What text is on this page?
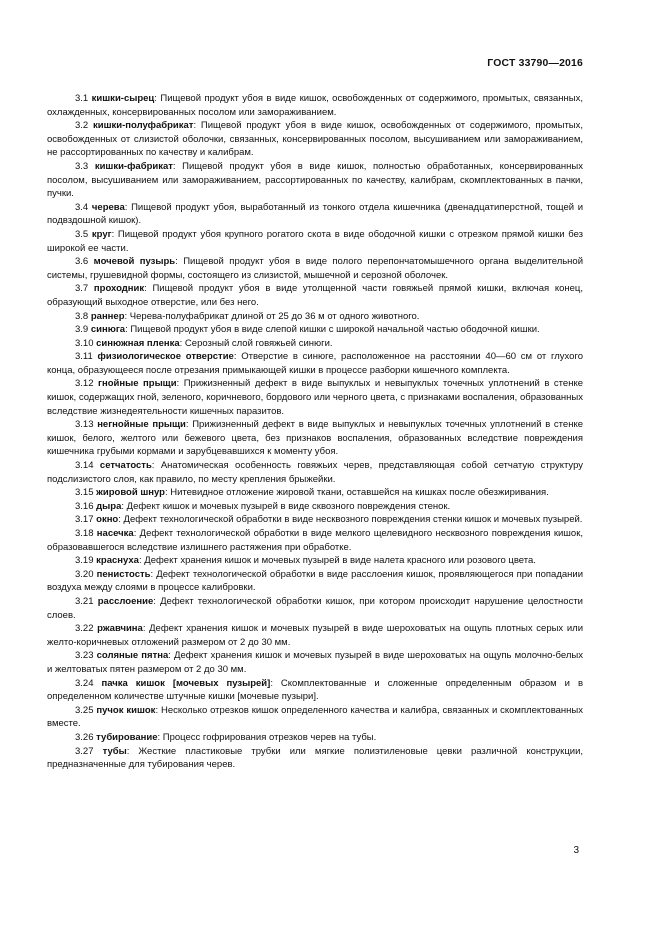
ГОСТ 33790—2016

3.1 кишки-сырец: Пищевой продукт убоя в виде кишок, освобожденных от содержимого, промытых, связанных, охлажденных, консервированных посолом или замораживанием.

3.2 кишки-полуфабрикат: Пищевой продукт убоя в виде кишок, освобожденных от содержимого, промытых, освобожденных от слизистой оболочки, связанных, консервированных посолом, высушиванием или замораживанием, не рассортированных по качеству и калибрам.

3.3 кишки-фабрикат: Пищевой продукт убоя в виде кишок, полностью обработанных, консервированных посолом, высушиванием или замораживанием, рассортированных по качеству, калибрам, скомплектованных в пачки, пучки.

3.4 черева: Пищевой продукт убоя, выработанный из тонкого отдела кишечника (двенадцатиперстной, тощей и подвздошной кишок).

3.5 круг: Пищевой продукт убоя крупного рогатого скота в виде ободочной кишки с отрезком прямой кишки без широкой ее части.

3.6 мочевой пузырь: Пищевой продукт убоя в виде полого перепончатомышечного органа выделительной системы, грушевидной формы, состоящего из слизистой, мышечной и серозной оболочек.

3.7 проходник: Пищевой продукт убоя в виде утолщенной части говяжьей прямой кишки, включая конец, образующий выходное отверстие, или без него.

3.8 раннер: Черева-полуфабрикат длиной от 25 до 36 м от одного животного.

3.9 синюга: Пищевой продукт убоя в виде слепой кишки с широкой начальной частью ободочной кишки.

3.10 синюжная пленка: Серозный слой говяжьей синюги.

3.11 физиологическое отверстие: Отверстие в синюге, расположенное на расстоянии 40—60 см от глухого конца, образующееся после отрезания примыкающей кишки в процессе разборки кишечного комплекта.

3.12 гнойные прыщи: Прижизненный дефект в виде выпуклых и невыпуклых точечных уплотнений в стенке кишок, содержащих гной, зеленого, коричневого, бордового или черного цвета, с признаками воспаления, образованных вследствие жизнедеятельности кишечных паразитов.

3.13 негнойные прыщи: Прижизненный дефект в виде выпуклых и невыпуклых точечных уплотнений в стенке кишок, белого, желтого или бежевого цвета, без признаков воспаления, образованных вследствие повреждения кишечника грубыми кормами и зарубцевавшихся к моменту убоя.

3.14 сетчатость: Анатомическая особенность говяжьих черев, представляющая собой сетчатую структуру подслизистого слоя, как правило, по месту крепления брыжейки.

3.15 жировой шнур: Нитевидное отложение жировой ткани, оставшейся на кишках после обезжиривания.

3.16 дыра: Дефект кишок и мочевых пузырей в виде сквозного повреждения стенок.

3.17 окно: Дефект технологической обработки в виде несквозного повреждения стенки кишок и мочевых пузырей.

3.18 насечка: Дефект технологической обработки в виде мелкого щелевидного несквозного повреждения кишок, образовавшегося вследствие излишнего растяжения при обработке.

3.19 краснуха: Дефект хранения кишок и мочевых пузырей в виде налета красного или розового цвета.

3.20 пенистость: Дефект технологической обработки в виде расслоения кишок, проявляющегося при попадании воздуха между слоями в процессе калибровки.

3.21 расслоение: Дефект технологической обработки кишок, при котором происходит нарушение целостности слоев.

3.22 ржавчина: Дефект хранения кишок и мочевых пузырей в виде шероховатых на ощупь плотных серых или желто-коричневых отложений размером от 2 до 30 мм.

3.23 соляные пятна: Дефект хранения кишок и мочевых пузырей в виде шероховатых на ощупь молочно-белых и желтоватых пятен размером от 2 до 30 мм.

3.24 пачка кишок [мочевых пузырей]: Скомплектованные и сложенные определенным образом и в определенном количестве штучные кишки [мочевые пузыри].

3.25 пучок кишок: Несколько отрезков кишок определенного качества и калибра, связанных и скомплектованных вместе.

3.26 тубирование: Процесс гофрирования отрезков черев на тубы.

3.27 тубы: Жесткие пластиковые трубки или мягкие полиэтиленовые цевки различной конструкции, предназначенные для тубирования черев.

3
